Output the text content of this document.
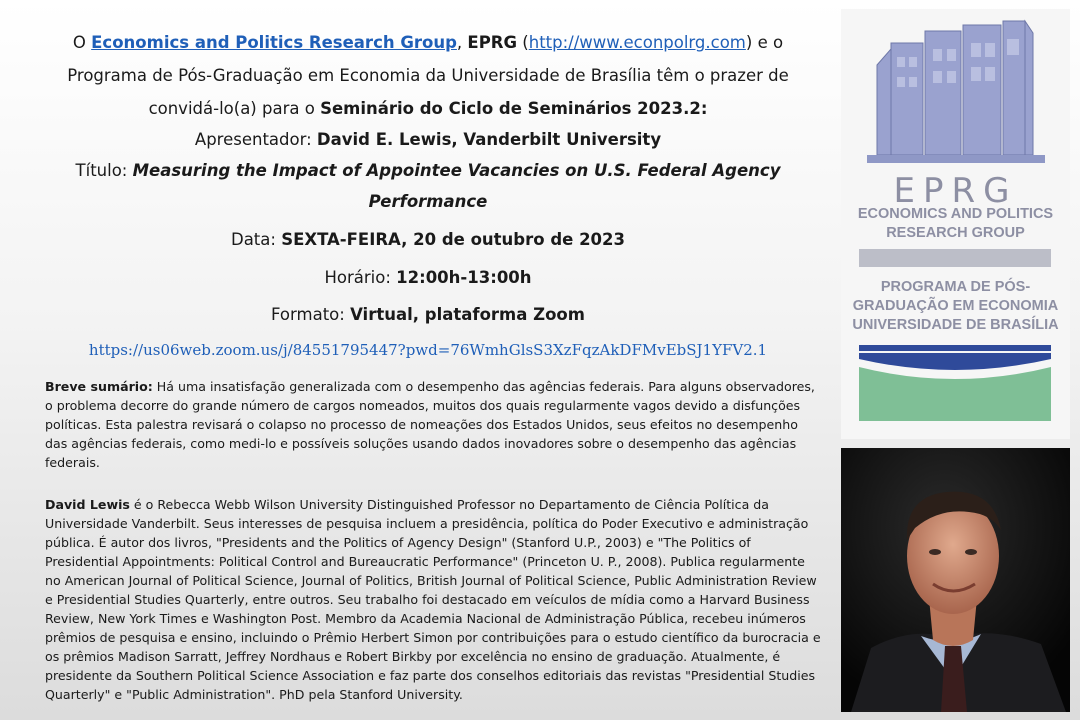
O Economics and Politics Research Group, EPRG (http://www.econpolrg.com) e o
Programa de Pós-Graduação em Economia da Universidade de Brasília têm o prazer de
convidá-lo(a) para o Seminário do Ciclo de Seminários 2023.2:
Apresentador: David E. Lewis, Vanderbilt University
Título: Measuring the Impact of Appointee Vacancies on U.S. Federal Agency
Performance
Data: SEXTA-FEIRA, 20 de outubro de 2023
Horário: 12:00h-13:00h
Formato: Virtual, plataforma Zoom
https://us06web.zoom.us/j/84551795447?pwd=76WmhGlsS3XzFqzAkDFMvEbSJ1YFV2.1
Breve sumário: Há uma insatisfação generalizada com o desempenho das agências federais. Para alguns observadores, o problema decorre do grande número de cargos nomeados, muitos dos quais regularmente vagos devido a disfunções políticas. Esta palestra revisará o colapso no processo de nomeações dos Estados Unidos, seus efeitos no desempenho das agências federais, como medi-lo e possíveis soluções usando dados inovadores sobre o desempenho das agências federais.
David Lewis é o Rebecca Webb Wilson University Distinguished Professor no Departamento de Ciência Política da Universidade Vanderbilt. Seus interesses de pesquisa incluem a presidência, política do Poder Executivo e administração pública. É autor dos livros, "Presidents and the Politics of Agency Design" (Stanford U.P., 2003) e "The Politics of Presidential Appointments: Political Control and Bureaucratic Performance" (Princeton U. P., 2008). Publica regularmente no American Journal of Political Science, Journal of Politics, British Journal of Political Science, Public Administration Review e Presidential Studies Quarterly, entre outros. Seu trabalho foi destacado em veículos de mídia como a Harvard Business Review, New York Times e Washington Post. Membro da Academia Nacional de Administração Pública, recebeu inúmeros prêmios de pesquisa e ensino, incluindo o Prêmio Herbert Simon por contribuições para o estudo científico da burocracia e os prêmios Madison Sarratt, Jeffrey Nordhaus e Robert Birkby por excelência no ensino de graduação. Atualmente, é presidente da Southern Political Science Association e faz parte dos conselhos editoriais das revistas "Presidential Studies Quarterly" e "Public Administration". PhD pela Stanford University.
EPRG
ECONOMICS AND POLITICS
RESEARCH GROUP
PROGRAMA DE PÓS-
GRADUAÇÃO EM ECONOMIA
UNIVERSIDADE DE BRASÍLIA
